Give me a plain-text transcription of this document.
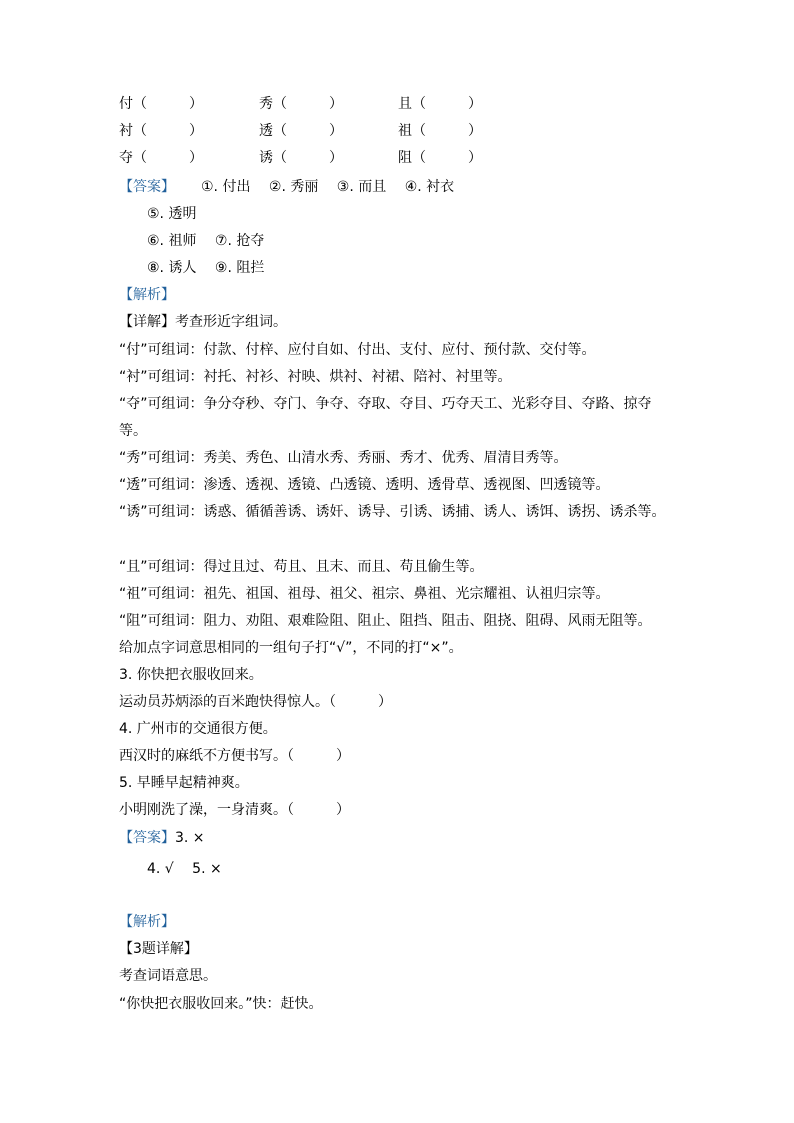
付（　　　）	秀（　　　）	且（　　　）
衬（　　　）	透（　　　）	祖（　　　）
夺（　　　）	诱（　　　）	阻（　　　）
【答案】 ①. 付出　 ②. 秀丽　 ③. 而且　 ④. 衬衣
⑤. 透明
⑥. 祖师　 ⑦. 抢夺
⑧. 诱人　 ⑨. 阻拦
【解析】
【详解】考查形近字组词。
“付”可组词：付款、付梓、应付自如、付出、支付、应付、预付款、交付等。
“衬”可组词：衬托、衬衫、衬映、烘衬、衬裙、陪衬、衬里等。
“夺”可组词：争分夺秒、夺门、争夺、夺取、夺目、巧夺天工、光彩夺目、夺路、掠夺
等。
“秀”可组词：秀美、秀色、山清水秀、秀丽、秀才、优秀、眉清目秀等。
“透”可组词：渗透、透视、透镜、凸透镜、透明、透骨草、透视图、凹透镜等。
“诱”可组词：诱惑、循循善诱、诱奸、诱导、引诱、诱捕、诱人、诱饵、诱拐、诱杀等。
“且”可组词：得过且过、苟且、且末、而且、苟且偷生等。
“祖”可组词：祖先、祖国、祖母、祖父、祖宗、鼻祖、光宗耀祖、认祖归宗等。
“阻”可组词：阻力、劝阻、艰难险阻、阻止、阻挡、阻击、阻挠、阻碍、风雨无阻等。
给加点字词意思相同的一组句子打“√”，不同的打“×”。
3. 你快把衣服收回来。
运动员苏炳添的百米跑快得惊人。（　　　）
4. 广州市的交通很方便。
西汉时的麻纸不方便书写。（　　　）
5. 早睡早起精神爽。
小明刚洗了澡，一身清爽。（　　　）
【答案】3. ×
4. √　 5. ×
【解析】
【3题详解】
考查词语意思。
“你快把衣服收回来。”快：赶快。
